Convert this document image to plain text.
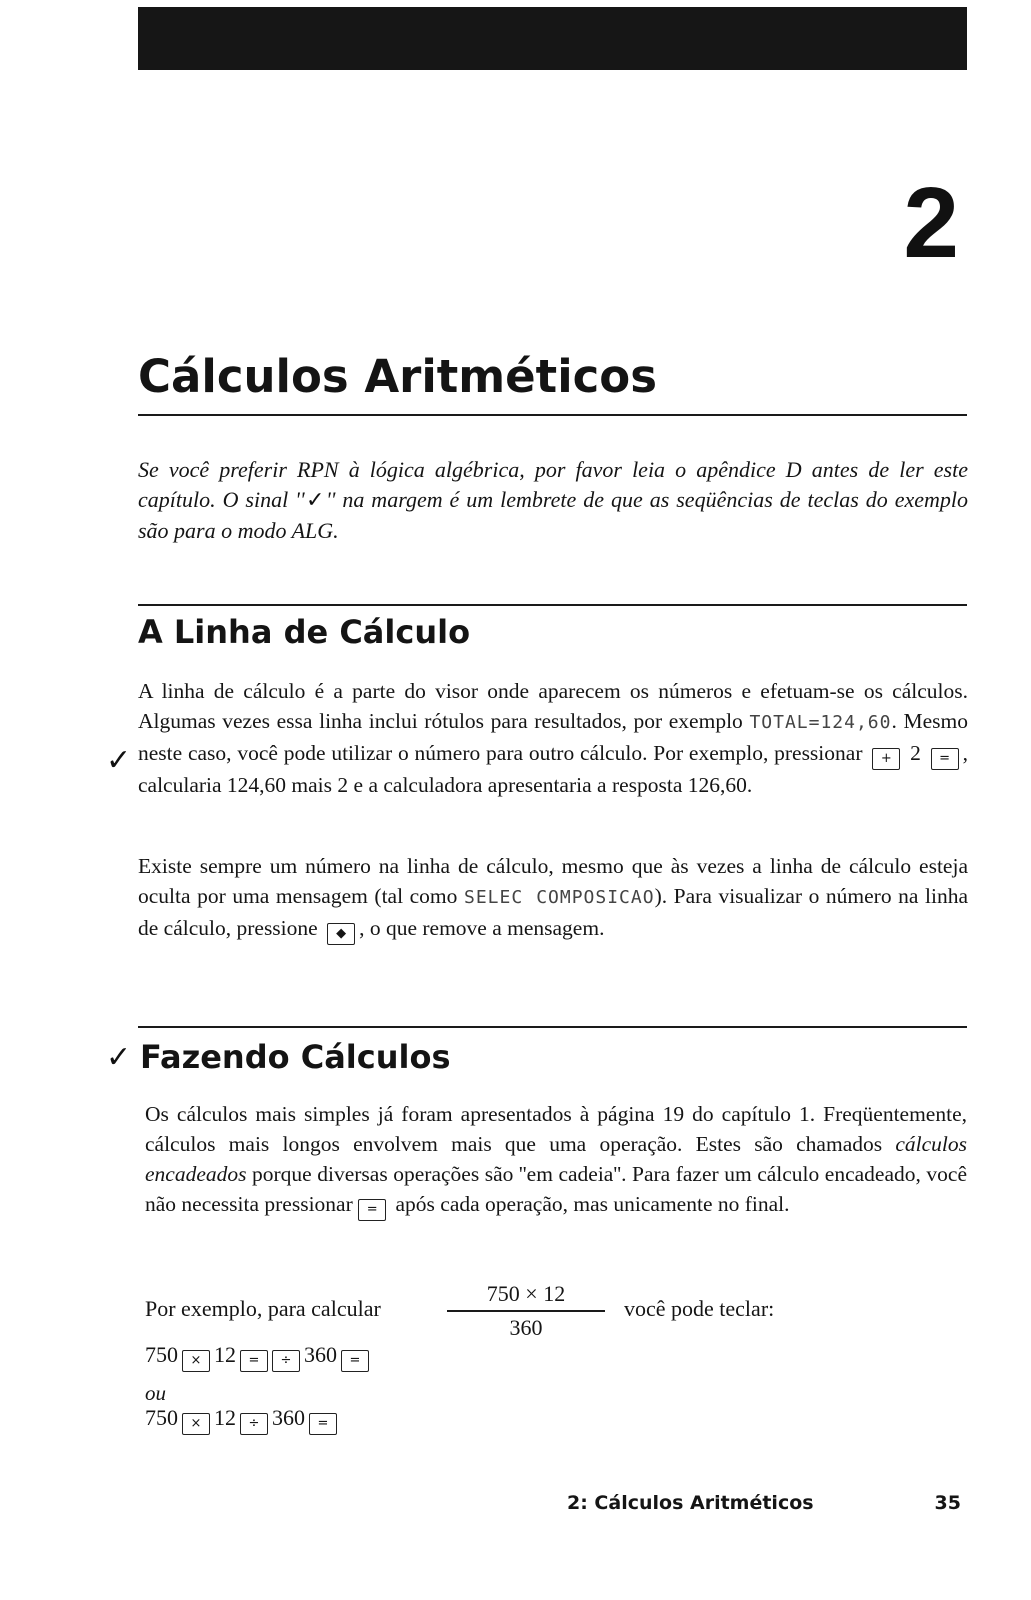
2
Cálculos Aritméticos

Se você preferir RPN à lógica algébrica, por favor leia o apêndice D antes de ler este capítulo. O sinal ''✓'' na margem é um lembrete de que as seqüências de teclas do exemplo são para o modo ALG.

A Linha de Cálculo
✓

A linha de cálculo é a parte do visor onde aparecem os números e efetuam-se os cálculos. Algumas vezes essa linha inclui rótulos para resultados, por exemplo TOTAL=124,60. Mesmo neste caso, você pode utilizar o número para outro cálculo. Por exemplo, pressionar + 2 = , calcularia 124,60 mais 2 e a calculadora apresentaria a resposta 126,60.

Existe sempre um número na linha de cálculo, mesmo que às vezes a linha de cálculo esteja oculta por uma mensagem (tal como SELEC COMPOSICAO). Para visualizar o número na linha de cálculo, pressione ◆ , o que remove a mensagem.

✓ Fazendo Cálculos

Os cálculos mais simples já foram apresentados à página 19 do capítulo 1. Freqüentemente, cálculos mais longos envolvem mais que uma operação. Estes são chamados cálculos encadeados porque diversas operações são ''em cadeia''. Para fazer um cálculo encadeado, você não necessita pressionar = após cada operação, mas unicamente no final.

Por exemplo, para calcular
750 × 12
360
você pode teclar:

750 × 12 = ÷ 360 =

ou

750 × 12 ÷ 360 =

2: Cálculos Aritméticos	35
